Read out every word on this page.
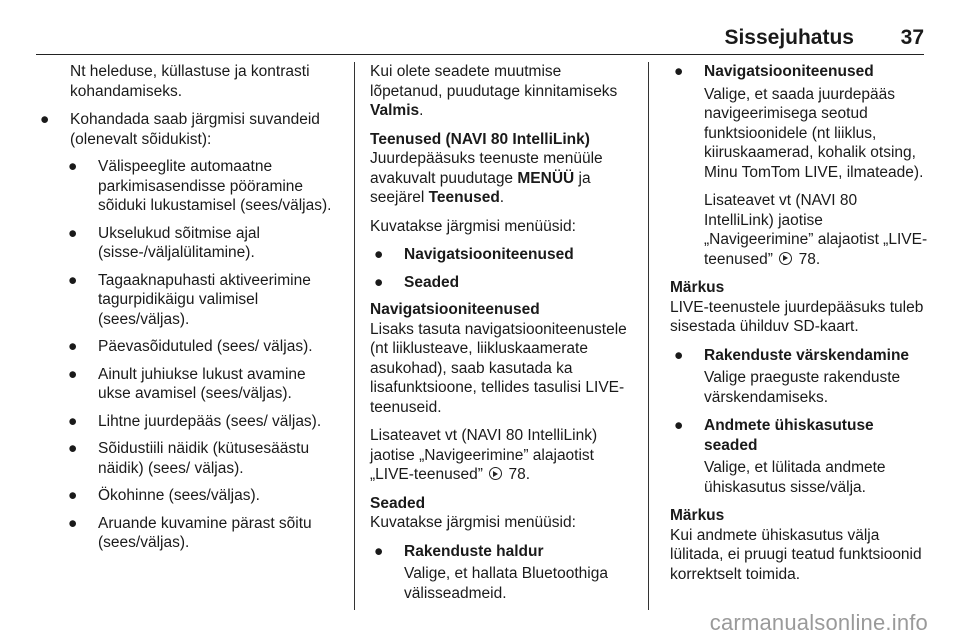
Sissejuhatus 37

Nt heleduse, küllastuse ja kontrasti kohandamiseks.

● Kohandada saab järgmisi suvandeid (olenevalt sõidukist):
● Välispeeglite automaatne parkimisasendisse pööramine sõiduki lukustamisel (sees/väljas).
● Ukselukud sõitmise ajal (sisse-/väljalülitamine).
● Tagaaknapuhasti aktiveerimine tagurpidikäigu valimisel (sees/väljas).
● Päevasõidutuled (sees/ väljas).
● Ainult juhiukse lukust avamine ukse avamisel (sees/väljas).
● Lihtne juurdepääs (sees/ väljas).
● Sõidustiili näidik (kütusesäästu näidik) (sees/ väljas).
● Ökohinne (sees/väljas).
● Aruande kuvamine pärast sõitu (sees/väljas).

Kui olete seadete muutmise lõpetanud, puudutage kinnitamiseks Valmis.

Teenused (NAVI 80 IntelliLink)

Juurdepääsuks teenuste menüüle avakuvalt puudutage MENÜÜ ja seejärel Teenused.

Kuvatakse järgmisi menüüsid:

● Navigatsiooniteenused
● Seaded

Navigatsiooniteenused

Lisaks tasuta navigatsiooniteenustele (nt liiklusteave, liikluskaamerate asukohad), saab kasutada ka lisafunktsioone, tellides tasulisi LIVE-teenuseid.

Lisateavet vt (NAVI 80 IntelliLink) jaotise „Navigeerimine” alajaotist „LIVE-teenused” 78.

Seaded

Kuvatakse järgmisi menüüsid:

● Rakenduste haldur

Valige, et hallata Bluetoothiga välisseadmeid.

● Navigatsiooniteenused

Valige, et saada juurdepääs navigeerimisega seotud funktsioonidele (nt liiklus, kiiruskaamerad, kohalik otsing, Minu TomTom LIVE, ilmateade).

Lisateavet vt (NAVI 80 IntelliLink) jaotise „Navigeerimine” alajaotist „LIVE-teenused” 78.

Märkus

LIVE-teenustele juurdepääsuks tuleb sisestada ühilduv SD-kaart.

● Rakenduste värskendamine

Valige praeguste rakenduste värskendamiseks.

● Andmete ühiskasutuse seaded

Valige, et lülitada andmete ühiskasutus sisse/välja.

Märkus

Kui andmete ühiskasutus välja lülitada, ei pruugi teatud funktsioonid korrektselt toimida.

carmanualsonline.info
